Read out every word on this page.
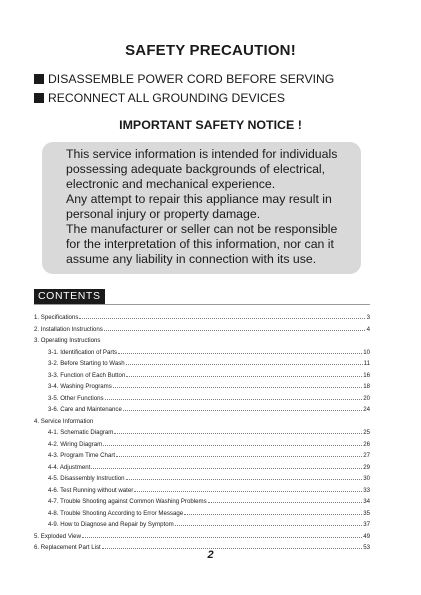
SAFETY PRECAUTION!
DISASSEMBLE POWER CORD BEFORE SERVING
RECONNECT ALL GROUNDING DEVICES
IMPORTANT SAFETY NOTICE !
This service information is intended for individuals
possessing adequate backgrounds of electrical,
electronic and mechanical experience.
Any attempt to repair this appliance may result in
personal injury or property damage.
The manufacturer or seller can not be responsible
for the interpretation of this information, nor can it
assume any liability in connection with its use.
CONTENTS
1. Specifications	3
2. Installation Instructions	4
3. Operating Instructions
3-1. Identification of Parts	10
3-2. Before Starting to Wash	11
3-3. Function of Each Button	16
3-4. Washing Programs	18
3-5. Other Functions	20
3-6. Care and Maintenance	24
4. Service Information
4-1. Schematic Diagram	25
4-2. Wiring Diagram	26
4-3. Program Time Chart	27
4-4. Adjustment	29
4-5. Disassembly Instruction	30
4-6. Test Running without water	33
4-7. Trouble Shooting against Common Washing Problems	34
4-8. Trouble Shooting According to Error Message	35
4-9. How to Diagnose and Repair by Symptom	37
5. Exploded View	49
6. Replacement Part List	53
2
